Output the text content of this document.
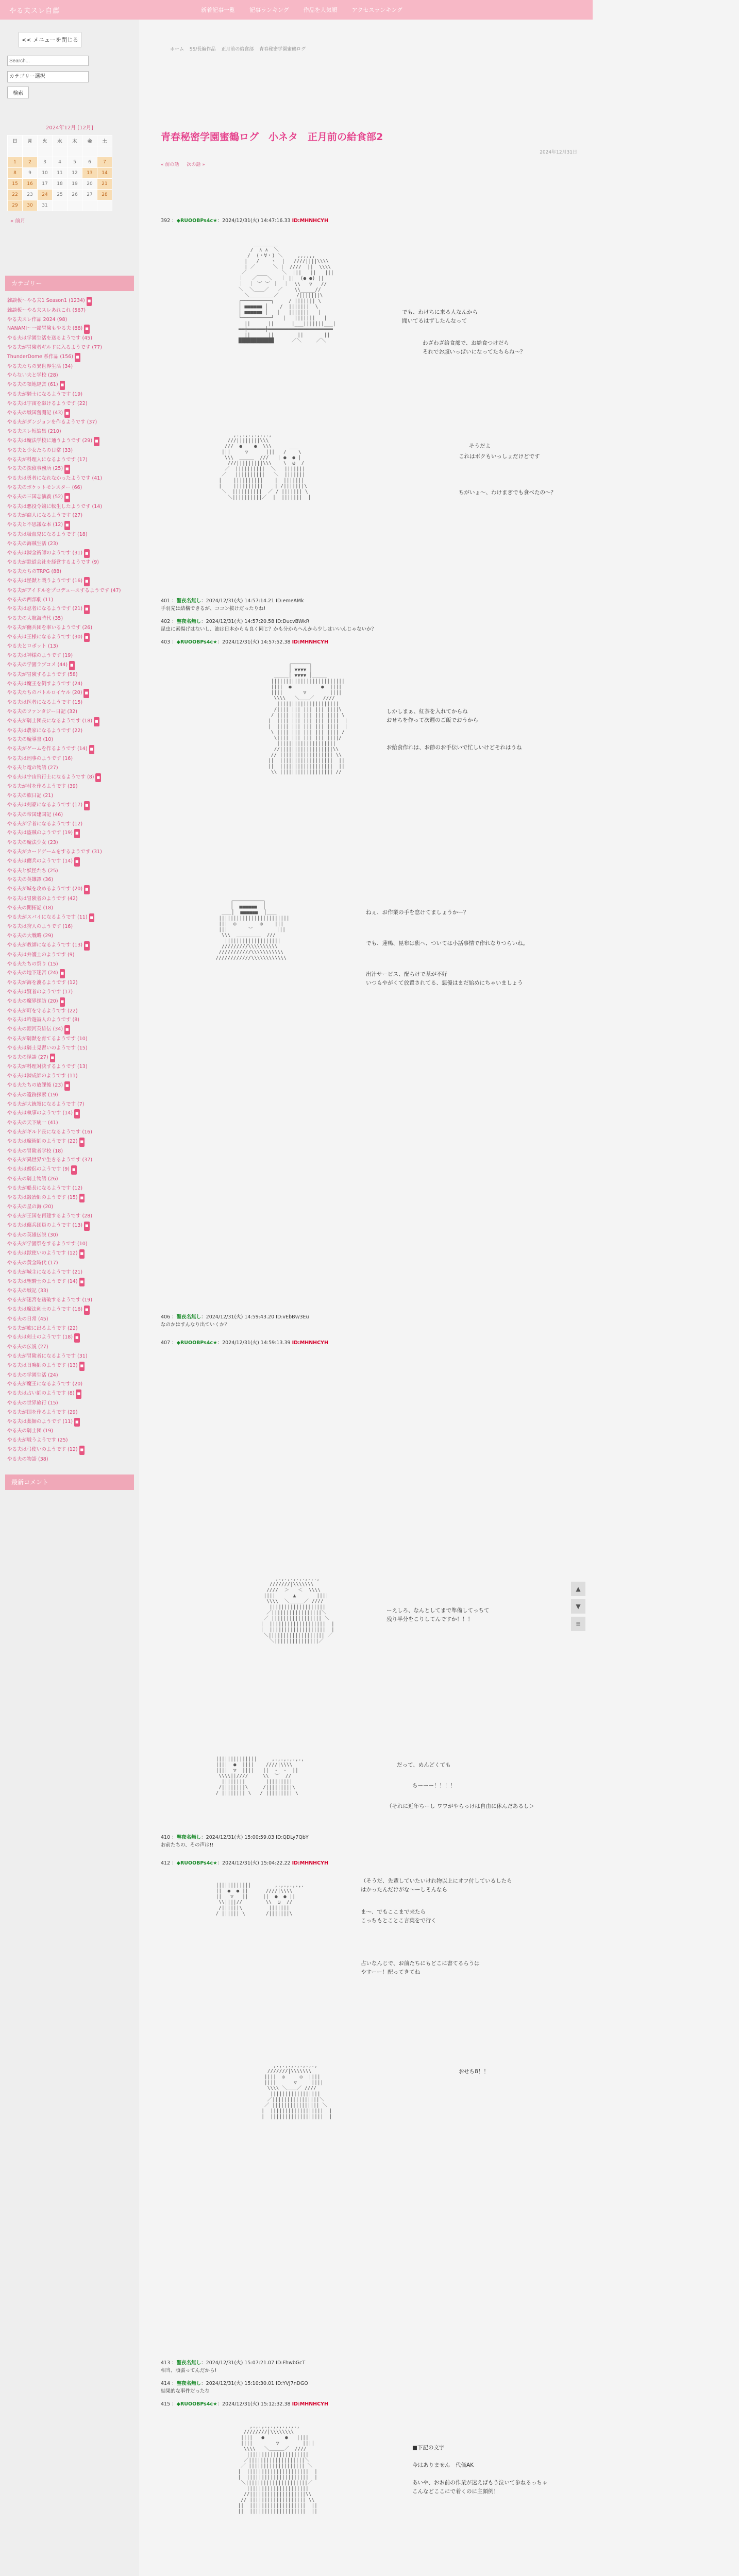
やる夫スレ自薦	新着記事一覧	記事ランキング	作品を人気順	アクセスランキング
<< メニューを閉じる
Search...
カテゴリー選択
検索
2024年12月 [12月]
日	月	火	水	木	金	土

1	2	3	4	5	6	7
8	9	10	11	12	13	14
15	16	17	18	19	20	21
22	23	24	25	26	27	28
29	30	31				
« 前月
カテゴリー
雑談板～やる夫1 Season1 (1234) ■
雑談板～やる夫スレあれこれ (567)
やる夫スレ作品 2024 (98)
NANAMI～一緒冒険もやる夫 (88) ■
やる夫は学園生活を送るようです (45)
やる夫が冒険者ギルドに入るようです (77)
ThunderDome 系作品 (156) ■
やる夫たちの異世界生活 (34)
やらない夫と学校 (28)
やる夫の領地経営 (61) ■
やる夫が騎士になるようです (19)
やる夫は宇宙を駆けるようです (22)
やる夫の戦国奮闘記 (43) ■
やる夫がダンジョンを作るようです (37)
やる夫スレ短編集 (210)
やる夫は魔法学校に通うようです (29) ■
やる夫と少女たちの日常 (33)
やる夫が料理人になるようです (17)
やる夫の探偵事務所 (25) ■
やる夫は勇者になれなかったようです (41)
やる夫のポケットモンスター (66)
やる夫の三国志演義 (52) ■
やる夫は悪役令嬢に転生したようです (14)
やる夫が商人になるようです (27)
やる夫と不思議な本 (12) ■
やる夫は吸血鬼になるようです (18)
やる夫の海賊生活 (23)
やる夫は錬金術師のようです (31) ■
やる夫が鉄道会社を経営するようです (9)
やる夫たちのTRPG (88)
やる夫は怪獣と戦うようです (16) ■
やる夫がアイドルをプロデュースするようです (47)
やる夫の西部劇 (11)
やる夫は忍者になるようです (21) ■
やる夫の大航海時代 (35)
やる夫が傭兵団を率いるようです (26)
やる夫は王様になるようです (30) ■
やる夫とロボット (13)
やる夫は神様のようです (19)
やる夫の学園ラブコメ (44) ■
やる夫が冒険するようです (58)
やる夫は魔王を倒すようです (24)
やる夫たちのバトルロイヤル (20) ■
やる夫は医者になるようです (15)
やる夫のファンタジー日記 (32)
やる夫が騎士団長になるようです (18) ■
やる夫は農家になるようです (22)
やる夫の魔導書 (10)
やる夫がゲームを作るようです (14) ■
やる夫は刑事のようです (16)
やる夫と竜の物語 (27)
やる夫は宇宙飛行士になるようです (8) ■
やる夫が村を作るようです (39)
やる夫の旅日記 (21)
やる夫は剣豪になるようです (17) ■
やる夫の帝国建国記 (46)
やる夫が学者になるようです (12)
やる夫は盗賊のようです (19) ■
やる夫の魔法少女 (23)
やる夫がカードゲームをするようです (31)
やる夫は傭兵のようです (14) ■
やる夫と妖怪たち (25)
やる夫の英雄譚 (36)
やる夫が城を攻めるようです (20) ■
やる夫は冒険者のようです (42)
やる夫の開拓記 (18)
やる夫がスパイになるようです (11) ■
やる夫は狩人のようです (16)
やる夫の大戦略 (29)
やる夫が教師になるようです (13) ■
やる夫は弁護士のようです (9)
やる夫たちの祭り (15)
やる夫の地下迷宮 (24) ■
やる夫が海を渡るようです (12)
やる夫は賢者のようです (17)
やる夫の魔界探訪 (20) ■
やる夫が町を守るようです (22)
やる夫は吟遊詩人のようです (8)
やる夫の銀河英雄伝 (34) ■
やる夫が騎獣を育てるようです (10)
やる夫は騎士見習いのようです (15)
やる夫の怪談 (27) ■
やる夫が料理対決するようです (13)
やる夫は錬成師のようです (11)
やる夫たちの放課後 (23) ■
やる夫の遺跡探索 (19)
やる夫が大統領になるようです (7)
やる夫は執事のようです (14) ■
やる夫の天下統一 (41)
やる夫がギルド長になるようです (16)
やる夫は魔術師のようです (22) ■
やる夫の冒険者学校 (18)
やる夫が異世界で生きるようです (37)
やる夫は僧侶のようです (9) ■
やる夫の騎士物語 (26)
やる夫が船長になるようです (12)
やる夫は鍛冶師のようです (15) ■
やる夫の星の海 (20)
やる夫が王国を再建するようです (28)
やる夫は傭兵団員のようです (13) ■
やる夫の英雄伝説 (30)
やる夫が学園祭をするようです (10)
やる夫は獣使いのようです (12) ■
やる夫の黄金時代 (17)
やる夫が城主になるようです (21)
やる夫は聖騎士のようです (14) ■
やる夫の戦記 (33)
やる夫が迷宮を踏破するようです (19)
やる夫は魔法剣士のようです (16) ■
やる夫の日常 (45)
やる夫が旅に出るようです (22)
やる夫は剣士のようです (18) ■
やる夫の伝説 (27)
やる夫が冒険者になるようです (31)
やる夫は召喚師のようです (13) ■
やる夫の学園生活 (24)
やる夫が魔王になるようです (20)
やる夫は占い師のようです (8) ■
やる夫の世界旅行 (15)
やる夫が国を作るようです (29)
やる夫は薬師のようです (11) ■
やる夫の騎士団 (19)
やる夫が戦うようです (25)
やる夫は弓使いのようです (12) ■
やる夫の物語 (38)
最新コメント
ホーム SS/長編作品 正月前の給食部 青春秘密学園蜜鶴ログ
青春秘密学園蜜鶴ログ　小ネタ　正月前の給食部2
2024年12月31日
« 前の話 次の話 »
392 ：◆RUOOBPs4c★：2024/12/31(火) 14:47:16.33 ID:MHNHCYH

＿＿＿＿＿
/  ∧ ∧  ＼
/  (・∀・) ＼     ,,,,,,
|   /    ヽ  |   ////||||\\\\
| ／      ＼ |  ////  ||  \\\\
／            ＼  |||   ||   |||
｜   ／￣￣＼   ｜ ||  (● ●) ||
｜  ｜ ︶ ︶ ｜  ｜  \\   ▽   //
＼  ＼＿＿／   ／    \\_____//
＼＿＿＿＿＿／      /|||||||\
┌──────────┐     / ||||||| \
│ ■■■■■■ │    /  |||||||  \
│ ■■■■■■ │   |   |||||||   |
└──────────┘   |   |||||||   |
||      ||      |___|||||||___|
══╪══════╪══════════════════════
||      ||        ||       ||
████████████      ／＼     ／＼

でも、わけちに来る人なんから
聞いてるはずしたんなって
わざわざ給食部で、お給食つけだら
それでお腹いっぱいになってたちらね～？

,.,.,.,.,.,.,
///||||||||\\\
///  ●    ●  \\\      ___
|||     ▽      |||   /    \
\\\  ＿＿＿  ///   | ●  ● |
///|||||||||\\\    \  ω  /
／  ||||||||||  ＼   |||||||
／   ||||||||||   ＼  |||||||
|    ||||||||||    |  |||||||
|    ||||||||||    | /|||||||\
＼  ||||||||||  ／ / ||||||| \
＼||||||||||／  |  |||||||  |

そうだよ
これはボクもいっしょだけどです
ちがいょ～、わけまぎでも食べたの～？
401 ：聖夜名無し：2024/12/31(火) 14:57:14.21 ID:emeAMk
手羽先は結構できるが、ココン抜けだったりね!
402 ：聖夜名無し：2024/12/31(火) 14:57:20.58 ID:DucvBWkR
昆虫に素揚げはないし、油は日本からも良く同じ？かも分からへんから少しはいいんじゃないか？
403 ：◆RUOOBPs4c★：2024/12/31(火) 14:57:52.38 ID:MHNHCYH

┌──────┐
│ ▼▼▼▼ │
＿＿＿│ ▼▼▼▼ │＿＿＿
|||||||||||||||||||||||||
||||  ●          ●  ||||
||||       ▽        ||||
\\\\   ＼＿＿／   ////
|||||||||||||||||||||
/|||| ||| ||| ||| ||||\
/ |||| ||| ||| ||| |||| \
|  |||| ||| ||| ||| ||||  |
|  |||| ||| ||| ||| ||||  |
\ |||| ||| ||| ||| |||| /
\|||| ||| ||| ||| ||||/
||||||||||||||||||||
//||||||||||||||||||\\
// |||||||||||||||||| \\
||  ||||||||||||||||||  ||
||  ||||||||||||||||||  ||
\\ |||||||||||||||||| //

しかしまぁ、紅茶を入れてからね
おせちを作って次週のご飯でおうから
お給食作れは、お節のお手伝いで忙しいけどそれはうね

┌──────────┐
│  ■■■■■■  │
＿＿│  ■■■■■■  │＿＿
||||||||||||||||||||||||
|||  ◎        ◎    |||
|||       ︶        |||
\\\  ＿＿＿＿＿  ///
|||||||||||||||||||
/////////\\\\\\\\\\
///////////\\\\\\\\\\\
////////////\\\\\\\\\\\\

ねぇ、お作業の手を怠けてましょうかー？
でも、蓮鴨、昆布は熊へ、ついては小話事情で作れなりつらいね。
出汁サービス、配らけで基が不好
いつもやがくて放置されてる、悪優はまだ始めにちゃいましょう
406 ：聖夜名無し：2024/12/31(火) 14:59:43.20 ID:vEbBv/3Eu
なのかはすんなり出ていくか？
407 ：◆RUOOBPs4c★：2024/12/31(火) 14:59:13.39 ID:MHNHCYH

,.,.,.,.,.,.,.,
///////|\\\\\\\
////  ＞   ＜  \\\\
||||      ▲       ||||
\\\\  ＼＿＿＿／ ////
|||||||||||||||||||
／|||||||||||||||||＼
／ ||||||||||||||||| ＼
|  |||||||||||||||||||  |
|  |||||||||||||||||||  |
＼||||||||||||||||||| ／
＼|||||||||||||||／

ーえしろ、なんとしてまで準備してっちて
残り半分をこりしてんですか！！！

||||||||||||||     ,.,.,.,.,.,
||||  ●  ||||    ////|\\\\
||||  ▽  ||||   ||  -  -  ||
\\\\||////     \\  ︶  //
||||||||       |||||||||
/||||||||\     /|||||||||\
/ |||||||| \   / ||||||||| \

だって、めんどくても
ちーーー！！！！
（それに近年ちーし ワワがやらっけは自由に休んだあるし＞
410 ：聖夜名無し：2024/12/31(火) 15:00:59.03 ID:QDLy7QbY
お前たちの、その声は!!
412 ：◆RUOOBPs4c★：2024/12/31(火) 15:04:22.22 ID:MHNHCYH

||||||||||||        ,.,.,.,.,.
||  ●  ● ||      ////|\\\\
||   ▽   ||     ||  ●  ● ||
\\||||//        \\  ω  //
/||||||\         |||||||
/ |||||| \       /|||||||\

（そうだ、先輩していたいけれ物以上にオフ付しているしたら
はかったんだけがな～ーしそんなら
ま～、でもここまで来たら
こっちもとことこ言葉をで行く
占いなんじで、お前たちにもどこに書てるらうは
やすーー！配ってきてね

,.,.,.,.,.,.,.,
///////|\\\\\\\
||||  ◎     ◎  ||||
||||      ▽     ||||
\\\\ ＼＿＿／ ////
|||||||||||||||||
／||||||||||||||||＼
／ |||||||||||||||| ＼
|  ||||||||||||||||||  |
|  ||||||||||||||||||  |

おせち8！！
413 ：聖夜名無し：2024/12/31(火) 15:07:21.07 ID:FhwbGcT
相当、頑張ってんだから!
414 ：聖夜名無し：2024/12/31(火) 15:10:30.01 ID:YVJ7nDGO
結果的な事件だったな
415 ：◆RUOOBPs4c★：2024/12/31(火) 15:12:32.38 ID:MHNHCYH

,.,.,.,.,.,.,.,.,
////////|\\\\\\\\
||||   ●       ●   ||||
||||        ▽        ||||
\\\\   ＼＿＿＿／  ////
|||||||||||||||||||||
／|||||||||||||||||||＼
／ ||||||||||||||||||| ＼
|  |||||||||||||||||||||  |
|  |||||||||||||||||||||  |
＼|||||||||||||||||||||／
|||||||||||||||||||||
//|||||||||||||||||||\\
// ||||||||||||||||||| \\
||  |||||||||||||||||||  ||
||  |||||||||||||||||||  ||

■下記の文字

今はありません　代価AK

あいや、おお前の作業が迷えばもう泣いて参ねるっちゃ
こんなどここにで着くのに主顔例！
▲
▼
≡
